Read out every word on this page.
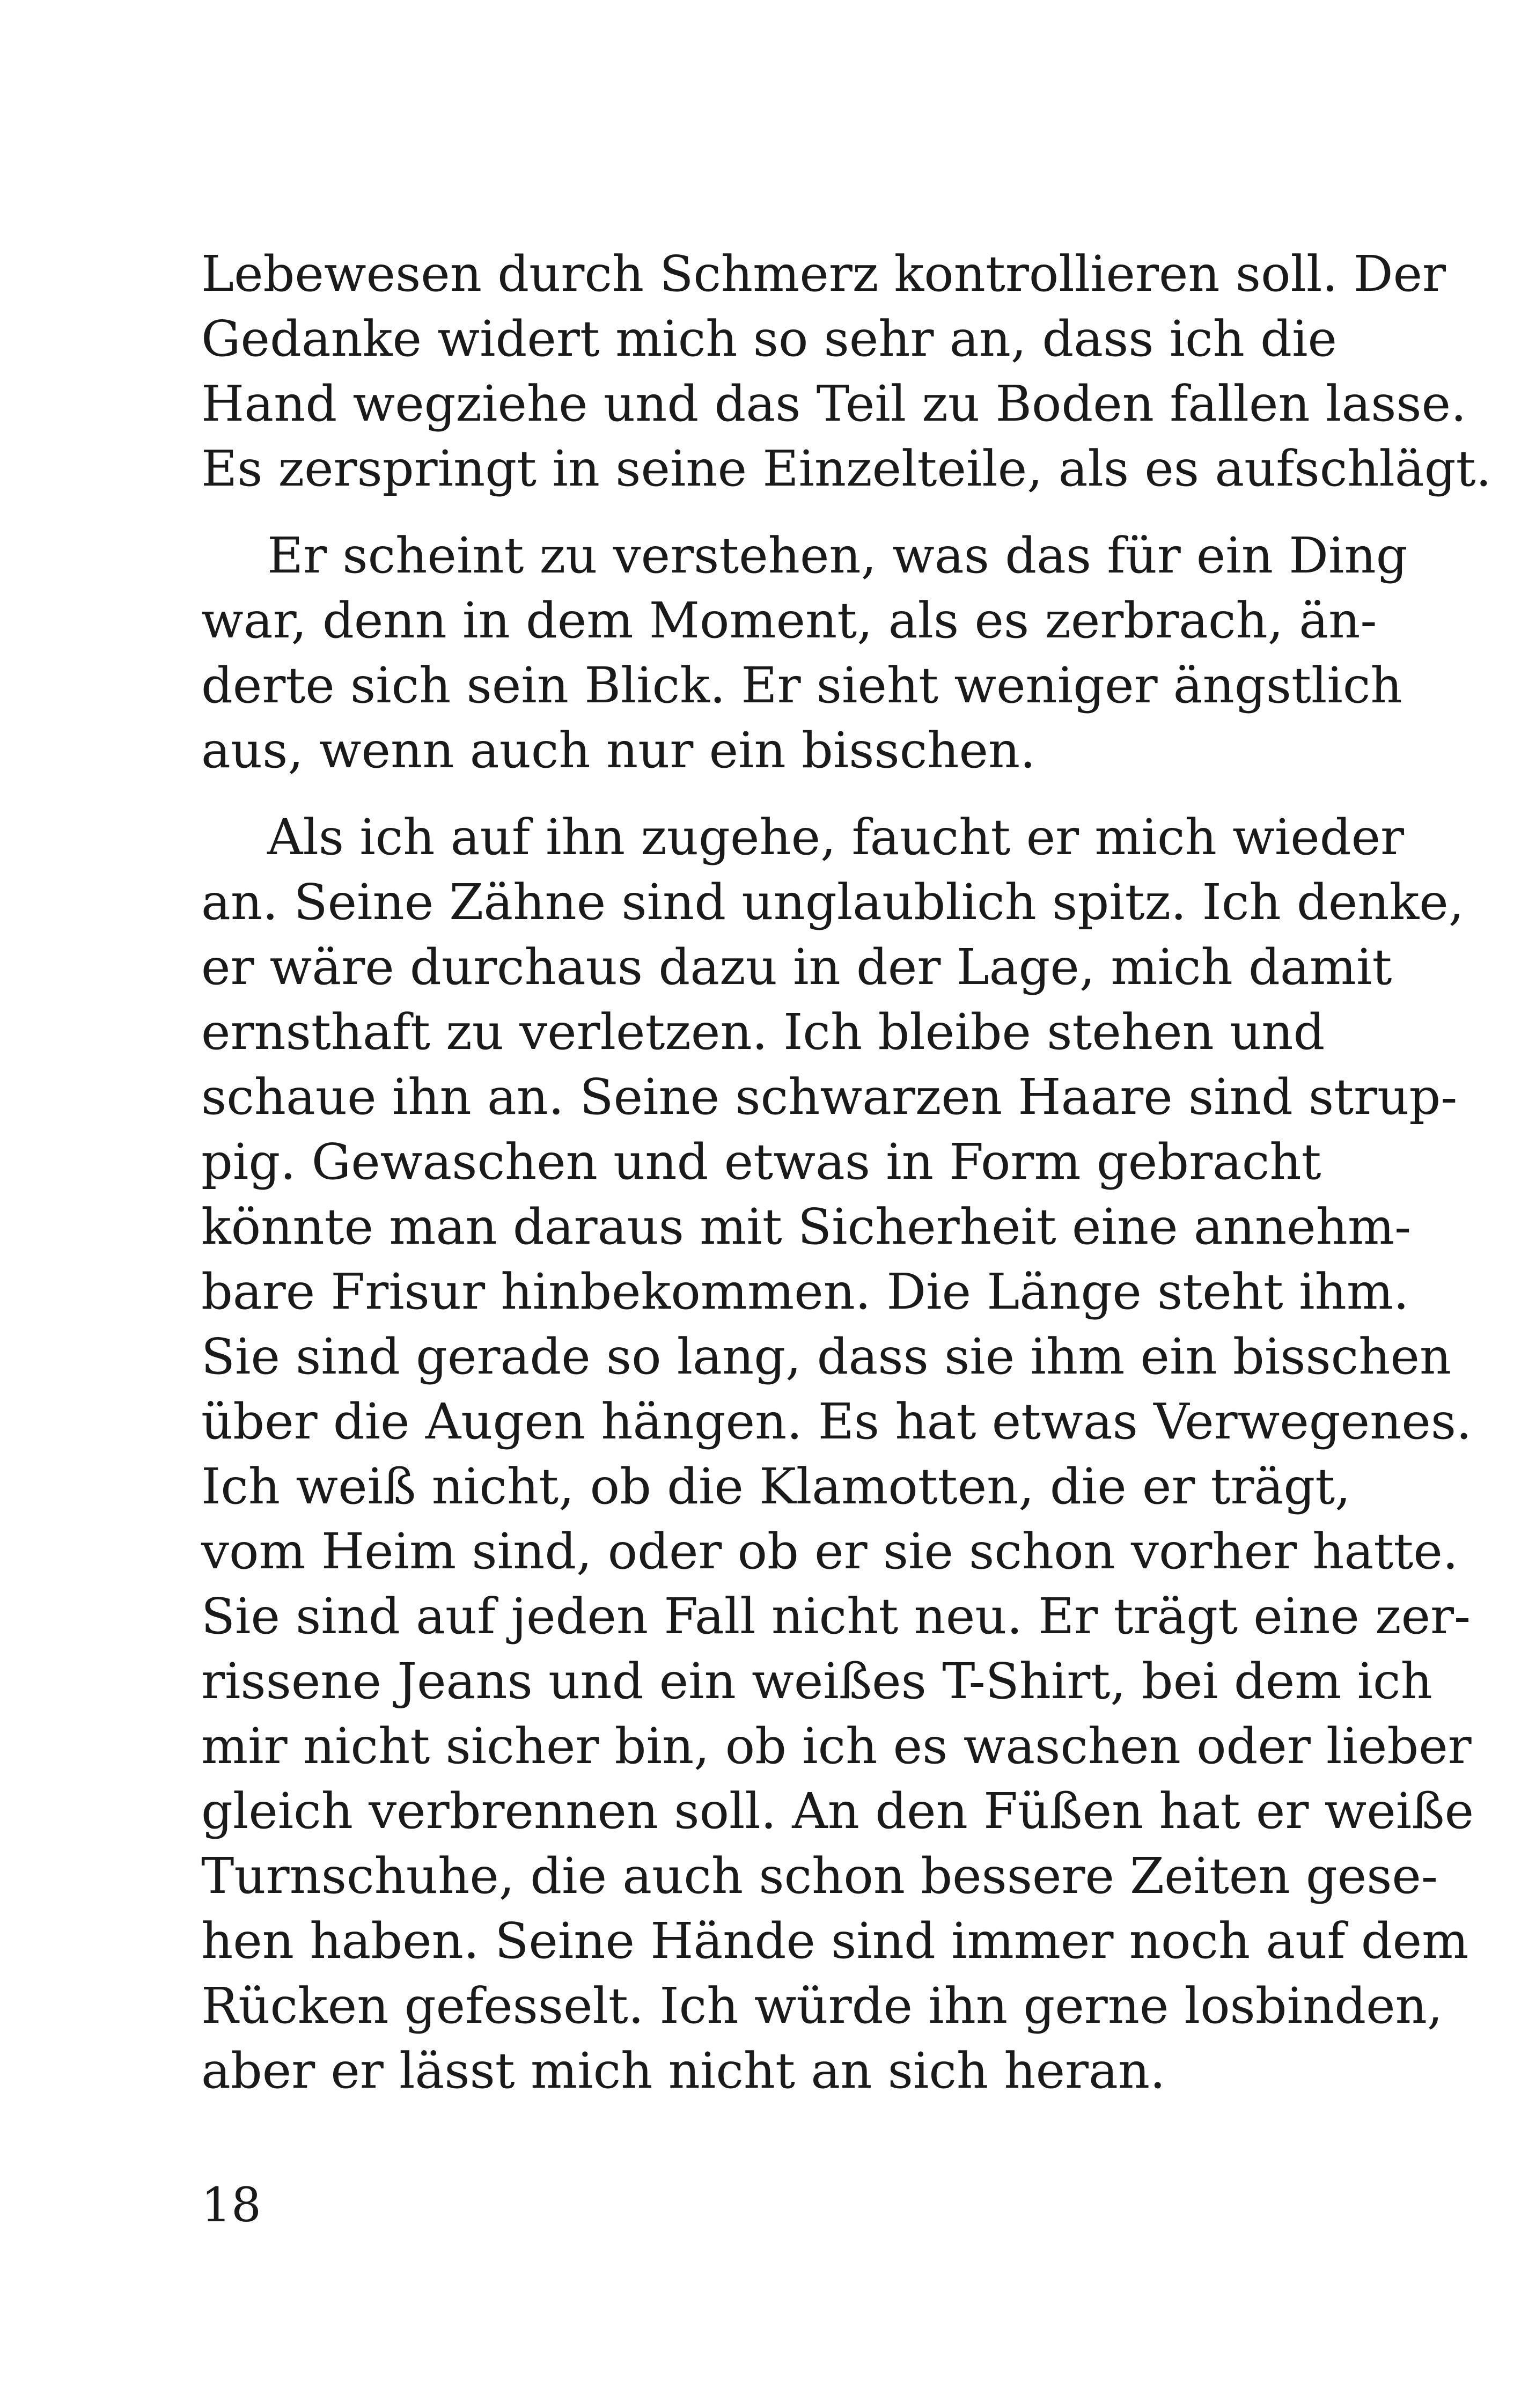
Lebewesen durch Schmerz kontrollieren soll. Der
Gedanke widert mich so sehr an, dass ich die
Hand wegziehe und das Teil zu Boden fallen lasse.
Es zerspringt in seine Einzelteile, als es aufschlägt.
Er scheint zu verstehen, was das für ein Ding
war, denn in dem Moment, als es zerbrach, än-
derte sich sein Blick. Er sieht weniger ängstlich
aus, wenn auch nur ein bisschen.
Als ich auf ihn zugehe, faucht er mich wieder
an. Seine Zähne sind unglaublich spitz. Ich denke,
er wäre durchaus dazu in der Lage, mich damit
ernsthaft zu verletzen. Ich bleibe stehen und
schaue ihn an. Seine schwarzen Haare sind strup-
pig. Gewaschen und etwas in Form gebracht
könnte man daraus mit Sicherheit eine annehm-
bare Frisur hinbekommen. Die Länge steht ihm.
Sie sind gerade so lang, dass sie ihm ein bisschen
über die Augen hängen. Es hat etwas Verwegenes.
Ich weiß nicht, ob die Klamotten, die er trägt,
vom Heim sind, oder ob er sie schon vorher hatte.
Sie sind auf jeden Fall nicht neu. Er trägt eine zer-
rissene Jeans und ein weißes T-Shirt, bei dem ich
mir nicht sicher bin, ob ich es waschen oder lieber
gleich verbrennen soll. An den Füßen hat er weiße
Turnschuhe, die auch schon bessere Zeiten gese-
hen haben. Seine Hände sind immer noch auf dem
Rücken gefesselt. Ich würde ihn gerne losbinden,
aber er lässt mich nicht an sich heran.
18
